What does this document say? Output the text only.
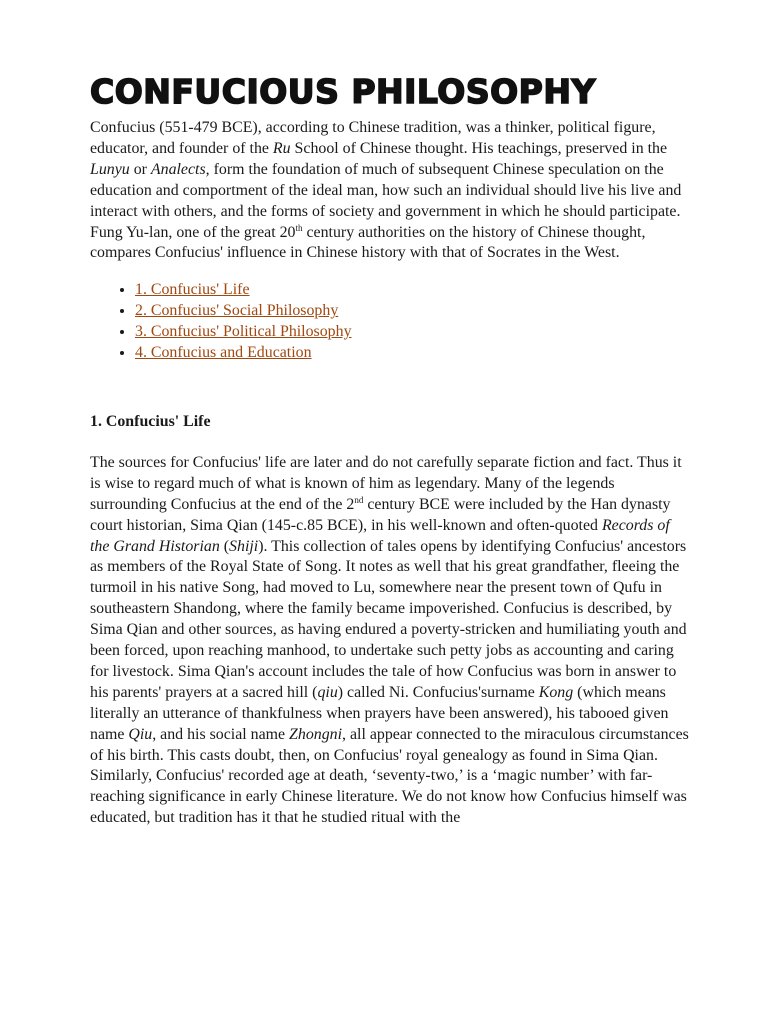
CONFUCIOUS PHILOSOPHY

Confucius (551-479 BCE), according to Chinese tradition, was a thinker, political figure, educator, and founder of the Ru School of Chinese thought. His teachings, preserved in the Lunyu or Analects, form the foundation of much of subsequent Chinese speculation on the education and comportment of the ideal man, how such an individual should live his live and interact with others, and the forms of society and government in which he should participate. Fung Yu-lan, one of the great 20th century authorities on the history of Chinese thought, compares Confucius' influence in Chinese history with that of Socrates in the West.

• 1. Confucius' Life
• 2. Confucius' Social Philosophy
• 3. Confucius' Political Philosophy
• 4. Confucius and Education
1. Confucius' Life

The sources for Confucius' life are later and do not carefully separate fiction and fact. Thus it is wise to regard much of what is known of him as legendary. Many of the legends surrounding Confucius at the end of the 2nd century BCE were included by the Han dynasty court historian, Sima Qian (145-c.85 BCE), in his well-known and often-quoted Records of the Grand Historian (Shiji). This collection of tales opens by identifying Confucius' ancestors as members of the Royal State of Song. It notes as well that his great grandfather, fleeing the turmoil in his native Song, had moved to Lu, somewhere near the present town of Qufu in southeastern Shandong, where the family became impoverished. Confucius is described, by Sima Qian and other sources, as having endured a poverty-stricken and humiliating youth and been forced, upon reaching manhood, to undertake such petty jobs as accounting and caring for livestock. Sima Qian's account includes the tale of how Confucius was born in answer to his parents' prayers at a sacred hill (qiu) called Ni. Confucius'surname Kong (which means literally an utterance of thankfulness when prayers have been answered), his tabooed given name Qiu, and his social name Zhongni, all appear connected to the miraculous circumstances of his birth. This casts doubt, then, on Confucius' royal genealogy as found in Sima Qian. Similarly, Confucius' recorded age at death, ‘seventy-two,’ is a ‘magic number’ with far-reaching significance in early Chinese literature. We do not know how Confucius himself was educated, but tradition has it that he studied ritual with the
